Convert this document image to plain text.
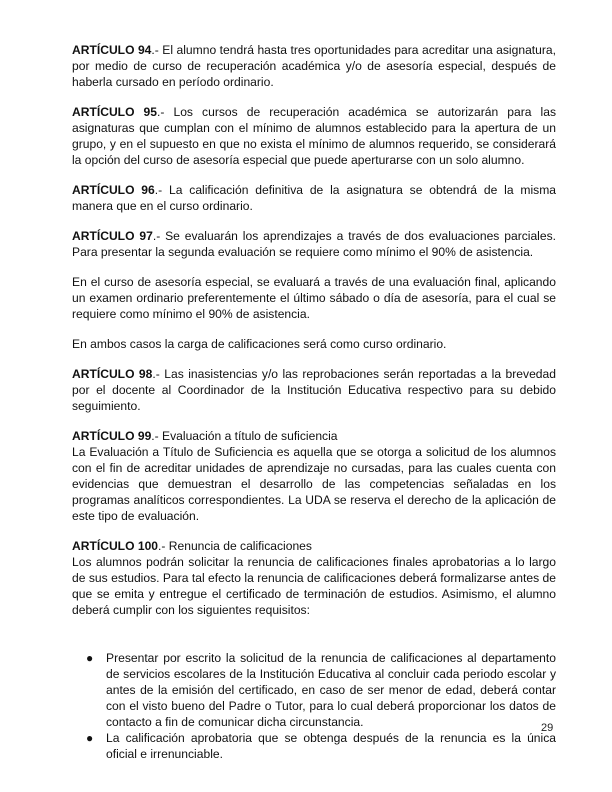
ARTÍCULO 94.- El alumno tendrá hasta tres oportunidades para acreditar una asignatura, por medio de curso de recuperación académica y/o de asesoría especial, después de haberla cursado en período ordinario.

ARTÍCULO 95.- Los cursos de recuperación académica se autorizarán para las asignaturas que cumplan con el mínimo de alumnos establecido para la apertura de un grupo, y en el supuesto en que no exista el mínimo de alumnos requerido, se considerará la opción del curso de asesoría especial que puede aperturarse con un solo alumno.

ARTÍCULO 96.- La calificación definitiva de la asignatura se obtendrá de la misma manera que en el curso ordinario.

ARTÍCULO 97.- Se evaluarán los aprendizajes a través de dos evaluaciones parciales. Para presentar la segunda evaluación se requiere como mínimo el 90% de asistencia.

En el curso de asesoría especial, se evaluará a través de una evaluación final, aplicando un examen ordinario preferentemente el último sábado o día de asesoría, para el cual se requiere como mínimo el 90% de asistencia.

En ambos casos la carga de calificaciones será como curso ordinario.

ARTÍCULO 98.- Las inasistencias y/o las reprobaciones serán reportadas a la brevedad por el docente al Coordinador de la Institución Educativa respectivo para su debido seguimiento.

ARTÍCULO 99.- Evaluación a título de suficiencia
La Evaluación a Título de Suficiencia es aquella que se otorga a solicitud de los alumnos con el fin de acreditar unidades de aprendizaje no cursadas, para las cuales cuenta con evidencias que demuestran el desarrollo de las competencias señaladas en los programas analíticos correspondientes. La UDA se reserva el derecho de la aplicación de este tipo de evaluación.

ARTÍCULO 100.- Renuncia de calificaciones
Los alumnos podrán solicitar la renuncia de calificaciones finales aprobatorias a lo largo de sus estudios. Para tal efecto la renuncia de calificaciones deberá formalizarse antes de que se emita y entregue el certificado de terminación de estudios. Asimismo, el alumno deberá cumplir con los siguientes requisitos:

● Presentar por escrito la solicitud de la renuncia de calificaciones al departamento de servicios escolares de la Institución Educativa al concluir cada periodo escolar y antes de la emisión del certificado, en caso de ser menor de edad, deberá contar con el visto bueno del Padre o Tutor, para lo cual deberá proporcionar los datos de contacto a fin de comunicar dicha circunstancia.
● La calificación aprobatoria que se obtenga después de la renuncia es la única oficial e irrenunciable.
29
